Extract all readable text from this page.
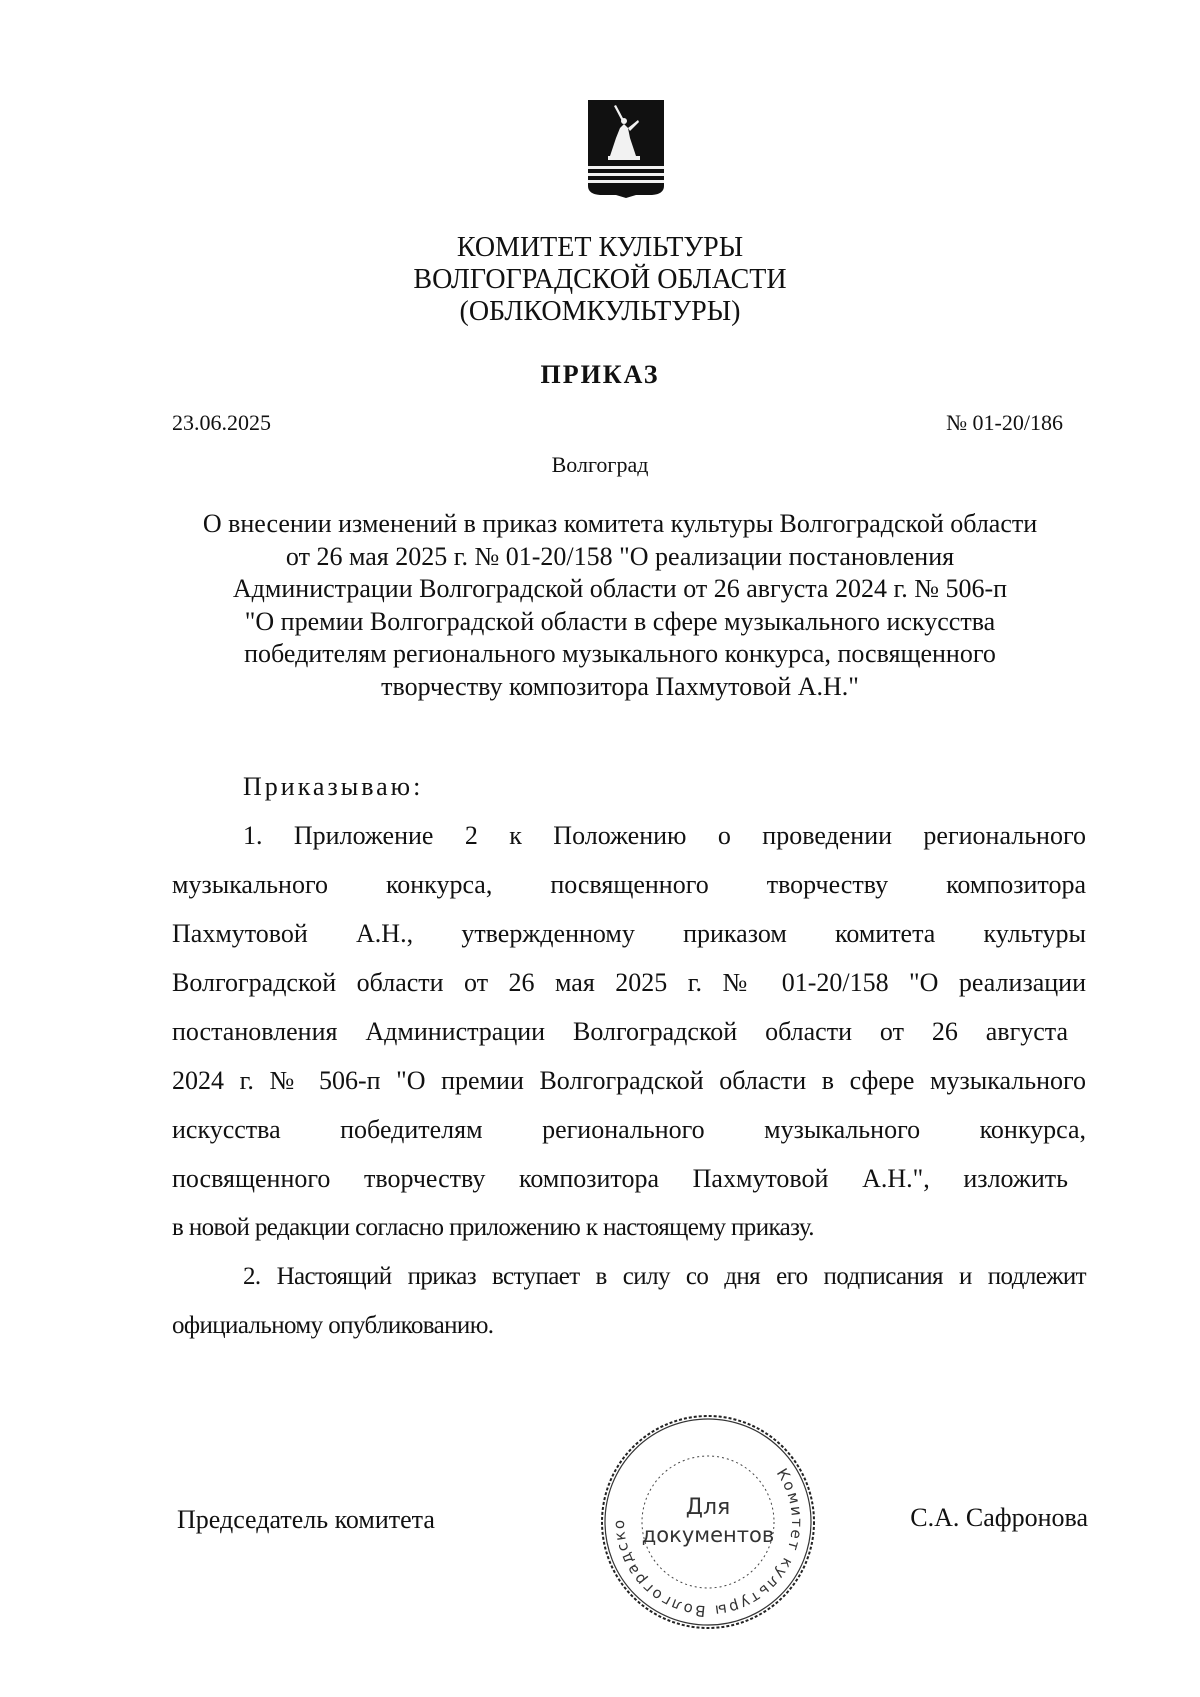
КОМИТЕТ КУЛЬТУРЫ
ВОЛГОГРАДСКОЙ ОБЛАСТИ
(ОБЛКОМКУЛЬТУРЫ)
ПРИКАЗ
23.06.2025	№ 01-20/186
Волгоград
О внесении изменений в приказ комитета культуры Волгоградской области
от 26 мая 2025 г. № 01-20/158 "О реализации постановления
Администрации Волгоградской области от 26 августа 2024 г. № 506-п
"О премии Волгоградской области в сфере музыкального искусства
победителям регионального музыкального конкурса, посвященного
творчеству композитора Пахмутовой А.Н."
Приказываю:
1. Приложение 2 к Положению о проведении регионального
музыкального конкурса, посвященного творчеству композитора
Пахмутовой А.Н., утвержденному приказом комитета культуры
Волгоградской области от 26 мая 2025 г. № 01-20/158 "О реализации
постановления Администрации Волгоградской области от 26 августа
2024 г. № 506-п "О премии Волгоградской области в сфере музыкального
искусства победителям регионального музыкального конкурса,
посвященного творчеству композитора Пахмутовой А.Н.", изложить
в новой редакции согласно приложению к настоящему приказу.
2. Настоящий приказ вступает в силу со дня его подписания и подлежит
официальному опубликованию.
Председатель комитета	С.А. Сафронова
Комитет культуры Волгоградско
Для
документов
